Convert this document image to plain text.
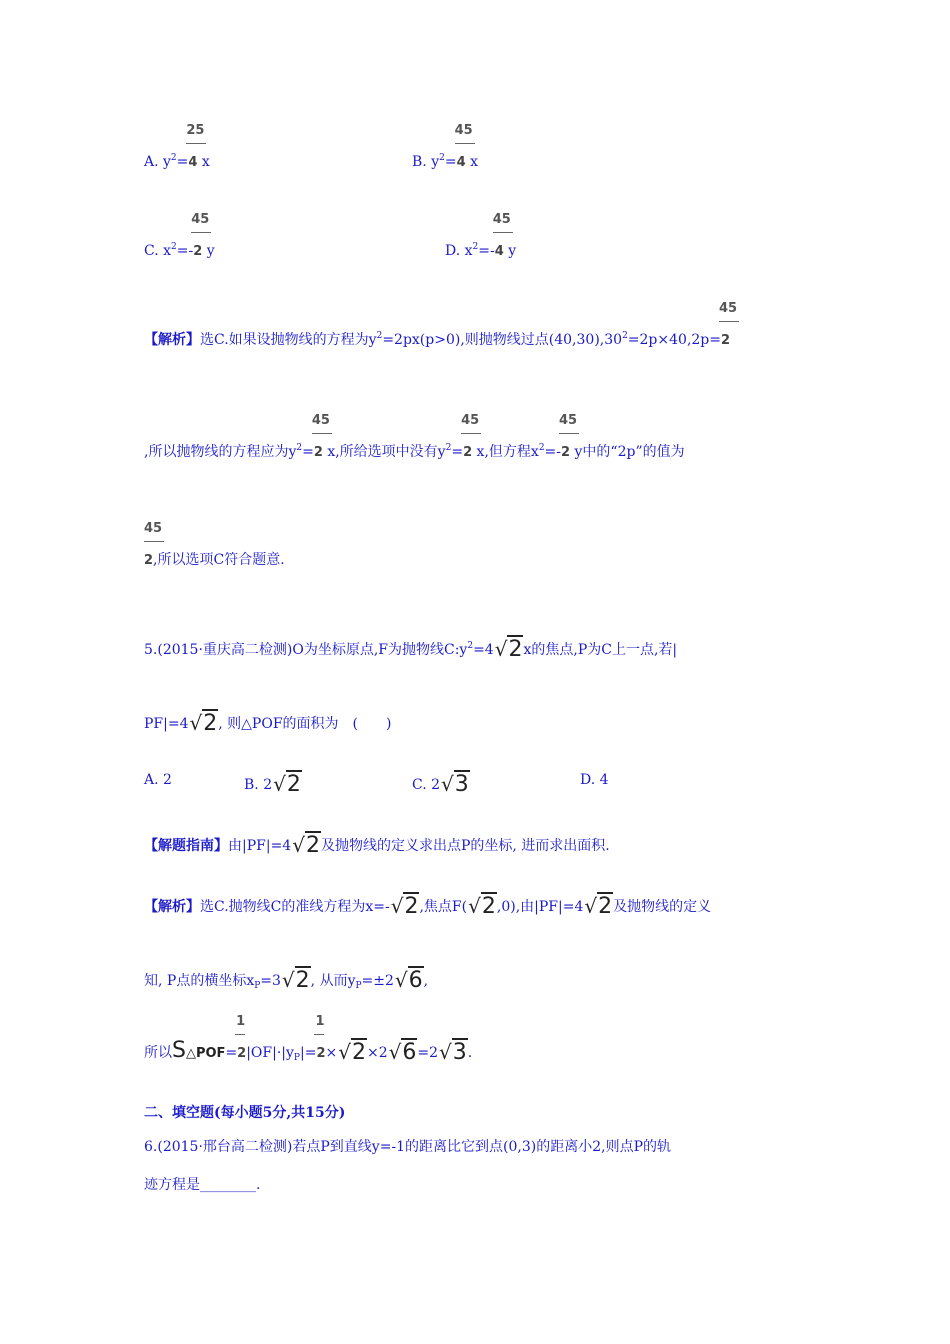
A. $y^2=$
25
4 x	B. $y^2=$
45
4 x
C. $x^2=-$
45
2 y	D. $x^2=-$
45
4 y
【解析】选C.如果设抛物线的方程为$y^2=2px(p>0)$,则抛物线过点$(40,30),30^2=2p\times 40,2p=$
45
2
,所以抛物线的方程应为$y^2=$
45
2 x,所给选项中没有$y^2=$
45
2 x,但方程$x^2=-$
45
2 y中的“2p”的值为
45
2,所以选项C符合题意.
5.(2015·重庆高二检测)O为坐标原点,F为抛物线$C:y^2=4√2x$的焦点,P为C上一点,若|
PF|=4√2, 则△POF的面积为　(　　)
A. 2	B. 2√2	C. 2√3	D. 4
【解题指南】由|PF|=4√2及抛物线的定义求出点P的坐标, 进而求出面积.
【解析】选C.抛物线C的准线方程为x=-√2,焦点F(√2,0),由|PF|=4√2及抛物线的定义
知, P点的横坐标$x_P=3√2$, 从而$y_P=\pm 2√6$,
所以S△POF=
1
$2|OF|\cdot|y_P|=$
1
2×√2×2√6=2√3.
二、填空题(每小题5分,共15分)
6.(2015·邢台高二检测)若点P到直线y=-1的距离比它到点(0,3)的距离小2,则点P的轨
迹方程是________.
